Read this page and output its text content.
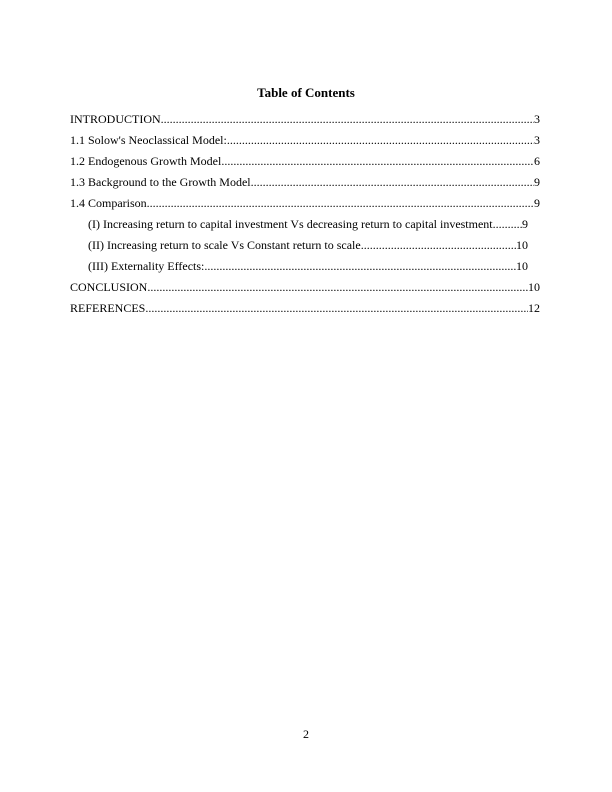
Table of Contents
INTRODUCTION .....	3
1.1 Solow's Neoclassical Model: .....	3
1.2 Endogenous Growth Model .....	6
1.3 Background to the Growth Model .....	9
1.4 Comparison .....	9
(I) Increasing return to capital investment Vs decreasing return to capital investment ..... 9
(II) Increasing return to scale Vs Constant return to scale .....	10
(III) Externality Effects: .....	10
CONCLUSION .....	10
REFERENCES .....	12
2
